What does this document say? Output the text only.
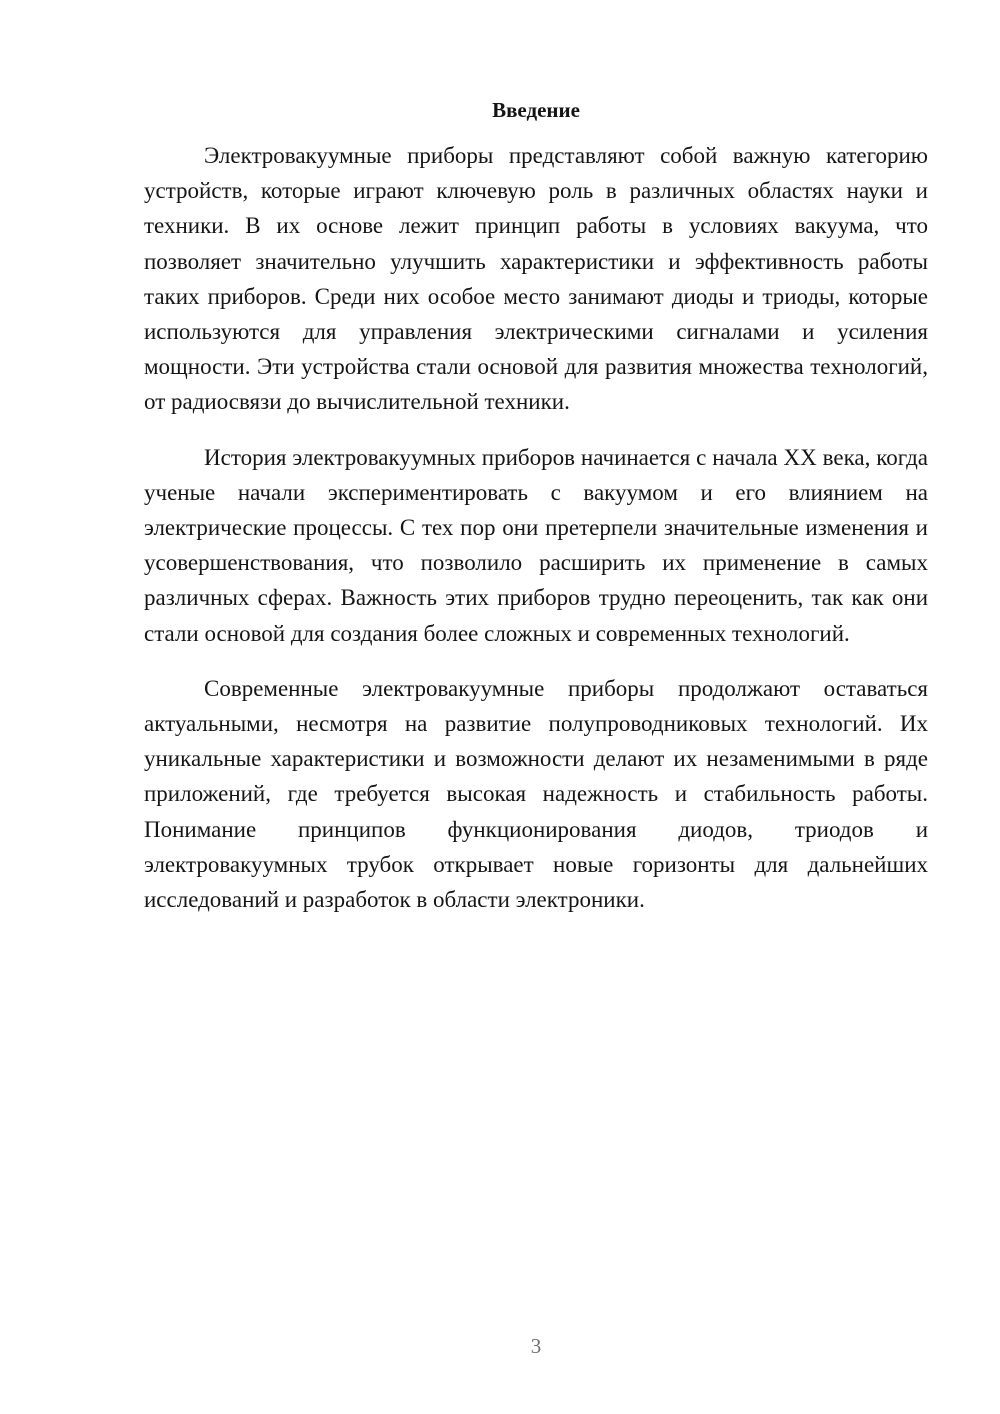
Введение

Электровакуумные приборы представляют собой важную категорию устройств, которые играют ключевую роль в различных областях науки и техники. В их основе лежит принцип работы в условиях вакуума, что позволяет значительно улучшить характеристики и эффективность работы таких приборов. Среди них особое место занимают диоды и триоды, которые используются для управления электрическими сигналами и усиления мощности. Эти устройства стали основой для развития множества технологий, от радиосвязи до вычислительной техники.

История электровакуумных приборов начинается с начала XX века, когда ученые начали экспериментировать с вакуумом и его влиянием на электрические процессы. С тех пор они претерпели значительные изменения и усовершенствования, что позволило расширить их применение в самых различных сферах. Важность этих приборов трудно переоценить, так как они стали основой для создания более сложных и современных технологий.

Современные электровакуумные приборы продолжают оставаться актуальными, несмотря на развитие полупроводниковых технологий. Их уникальные характеристики и возможности делают их незаменимыми в ряде приложений, где требуется высокая надежность и стабильность работы. Понимание принципов функционирования диодов, триодов и электровакуумных трубок открывает новые горизонты для дальнейших исследований и разработок в области электроники.

3
